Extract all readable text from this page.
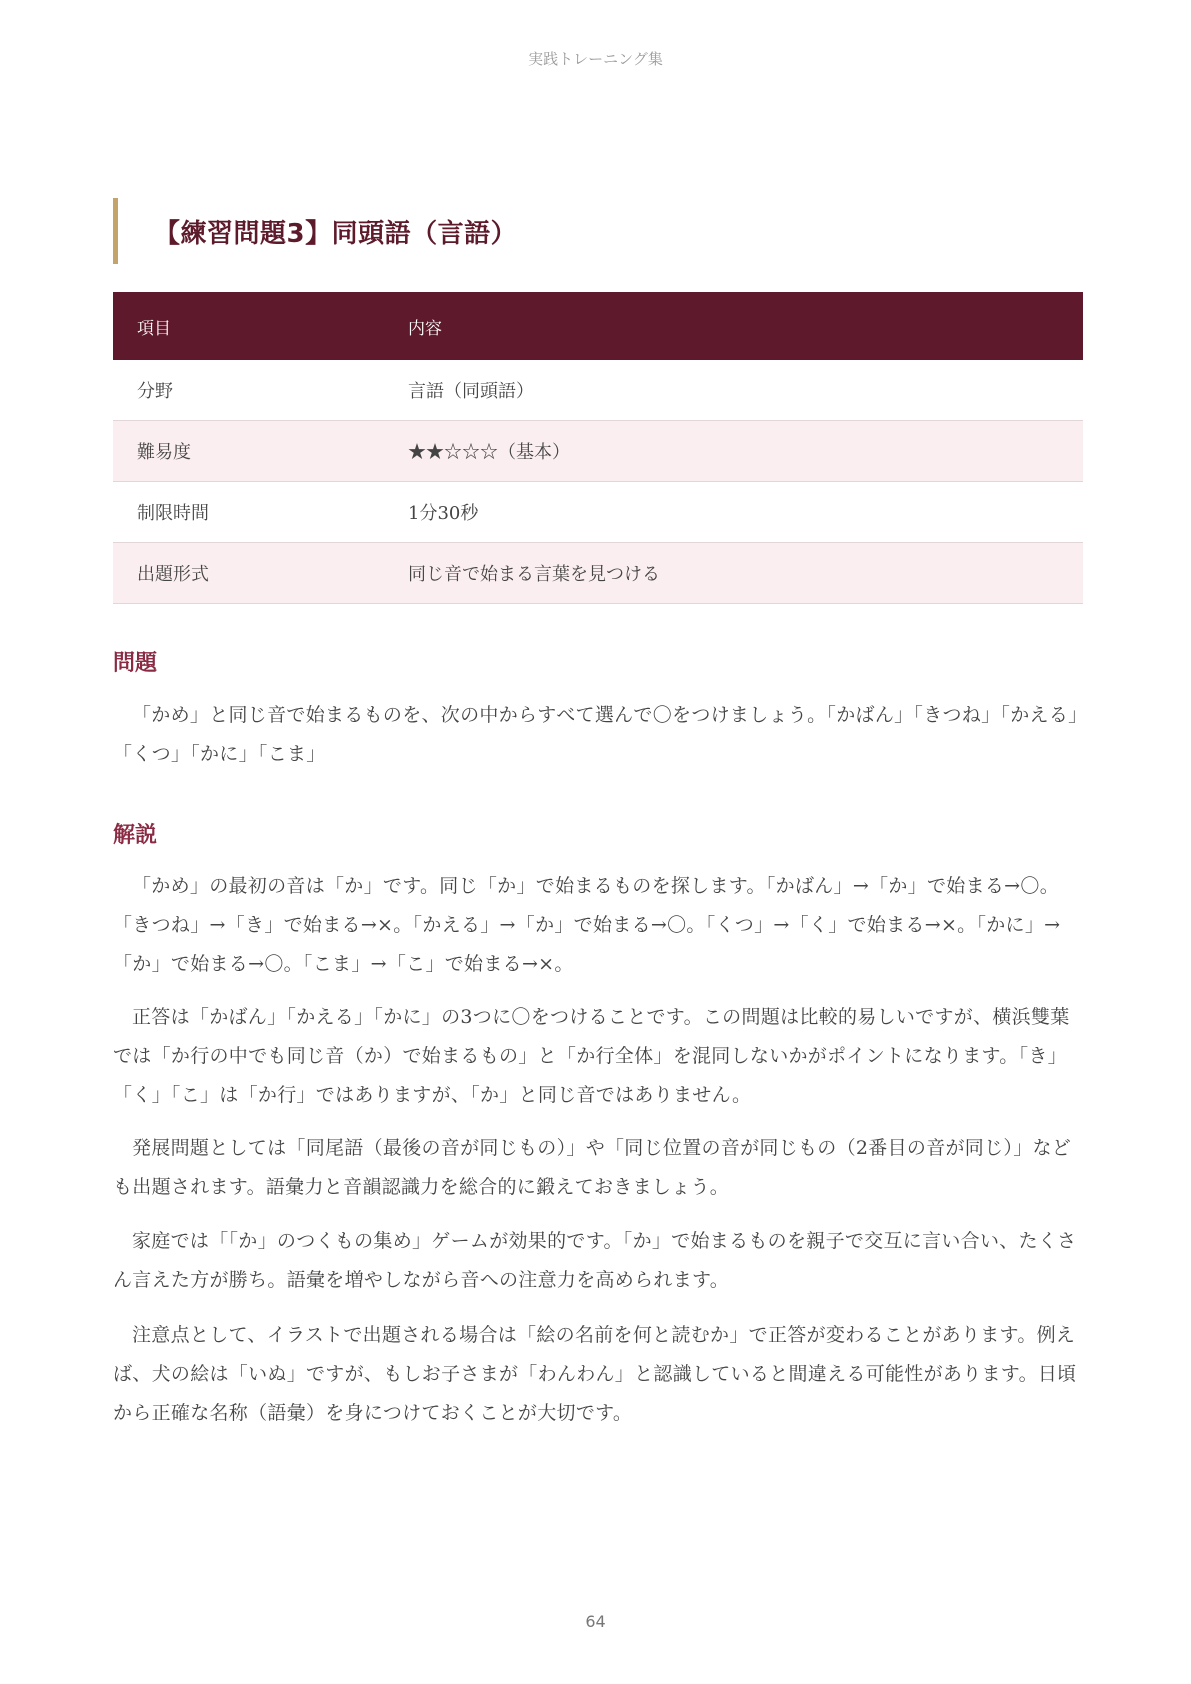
実践トレーニング集
【練習問題3】同頭語（言語）
項目	内容
分野	言語（同頭語）
難易度	★★☆☆☆（基本）
制限時間	1分30秒
出題形式	同じ音で始まる言葉を見つける
問題

「かめ」と同じ音で始まるものを、次の中からすべて選んで〇をつけましょう。「かばん」「きつね」「かえる」「くつ」「かに」「こま」

解説

「かめ」の最初の音は「か」です。同じ「か」で始まるものを探します。「かばん」→「か」で始まる→〇。「きつね」→「き」で始まる→×。「かえる」→「か」で始まる→〇。「くつ」→「く」で始まる→×。「かに」→「か」で始まる→〇。「こま」→「こ」で始まる→×。

正答は「かばん」「かえる」「かに」の3つに〇をつけることです。この問題は比較的易しいですが、横浜雙葉では「か行の中でも同じ音（か）で始まるもの」と「か行全体」を混同しないかがポイントになります。「き」「く」「こ」は「か行」ではありますが、「か」と同じ音ではありません。

発展問題としては「同尾語（最後の音が同じもの）」や「同じ位置の音が同じもの（2番目の音が同じ）」なども出題されます。語彙力と音韻認識力を総合的に鍛えておきましょう。

家庭では「「か」のつくもの集め」ゲームが効果的です。「か」で始まるものを親子で交互に言い合い、たくさん言えた方が勝ち。語彙を増やしながら音への注意力を高められます。

注意点として、イラストで出題される場合は「絵の名前を何と読むか」で正答が変わることがあります。例えば、犬の絵は「いぬ」ですが、もしお子さまが「わんわん」と認識していると間違える可能性があります。日頃から正確な名称（語彙）を身につけておくことが大切です。

64
